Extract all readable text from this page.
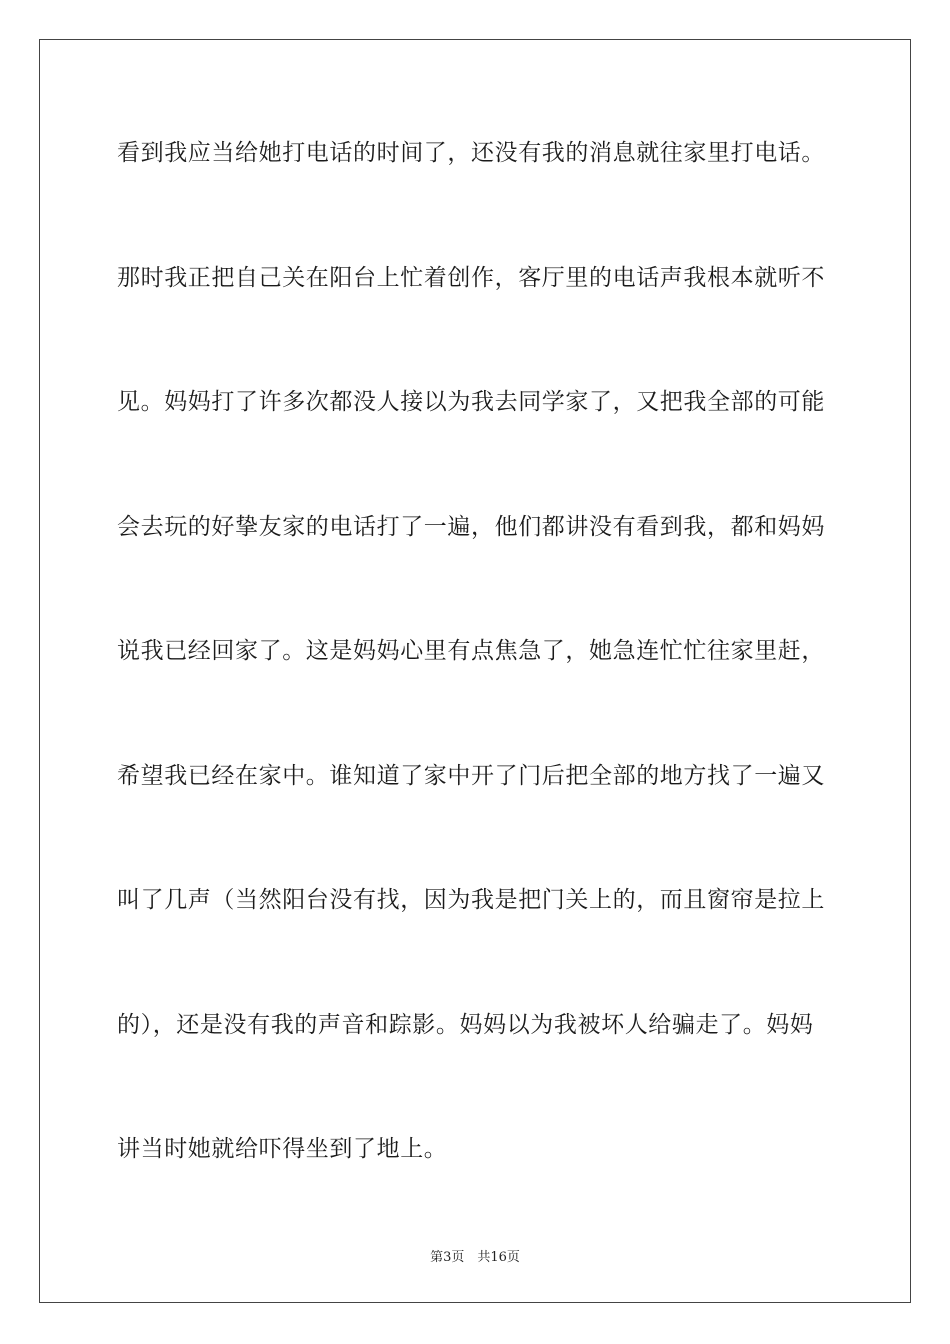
看到我应当给她打电话的时间了，还没有我的消息就往家里打电话。

那时我正把自己关在阳台上忙着创作，客厅里的电话声我根本就听不

见。妈妈打了许多次都没人接以为我去同学家了，又把我全部的可能

会去玩的好挚友家的电话打了一遍，他们都讲没有看到我，都和妈妈

说我已经回家了。这是妈妈心里有点焦急了，她急连忙忙往家里赶，

希望我已经在家中。谁知道了家中开了门后把全部的地方找了一遍又

叫了几声（当然阳台没有找，因为我是把门关上的，而且窗帘是拉上

的），还是没有我的声音和踪影。妈妈以为我被坏人给骗走了。妈妈

讲当时她就给吓得坐到了地上。

第3页　共16页
